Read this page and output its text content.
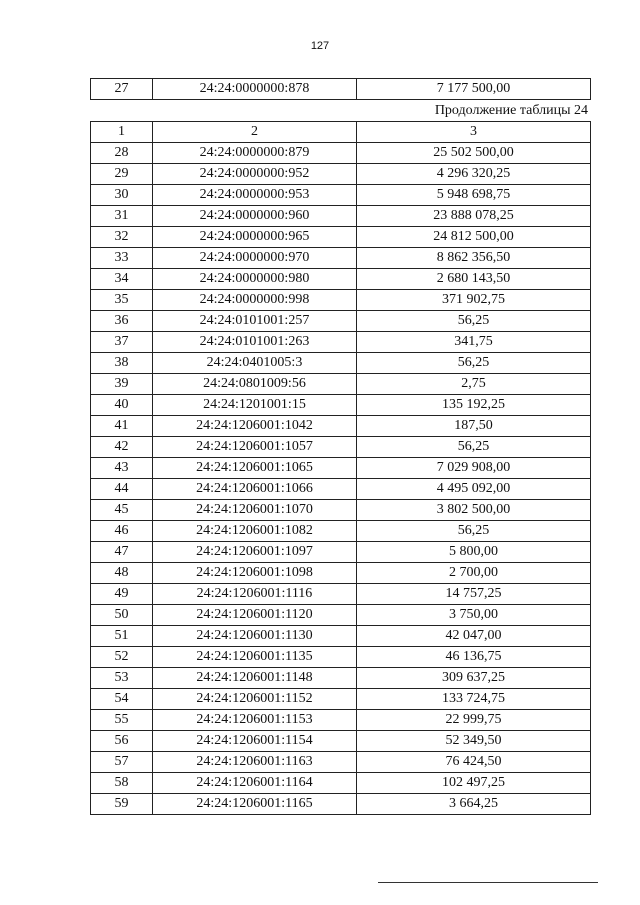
127
27	24:24:0000000:878	7 177 500,00
Продолжение таблицы 24
1	2	3
28	24:24:0000000:879	25 502 500,00
29	24:24:0000000:952	4 296 320,25
30	24:24:0000000:953	5 948 698,75
31	24:24:0000000:960	23 888 078,25
32	24:24:0000000:965	24 812 500,00
33	24:24:0000000:970	8 862 356,50
34	24:24:0000000:980	2 680 143,50
35	24:24:0000000:998	371 902,75
36	24:24:0101001:257	56,25
37	24:24:0101001:263	341,75
38	24:24:0401005:3	56,25
39	24:24:0801009:56	2,75
40	24:24:1201001:15	135 192,25
41	24:24:1206001:1042	187,50
42	24:24:1206001:1057	56,25
43	24:24:1206001:1065	7 029 908,00
44	24:24:1206001:1066	4 495 092,00
45	24:24:1206001:1070	3 802 500,00
46	24:24:1206001:1082	56,25
47	24:24:1206001:1097	5 800,00
48	24:24:1206001:1098	2 700,00
49	24:24:1206001:1116	14 757,25
50	24:24:1206001:1120	3 750,00
51	24:24:1206001:1130	42 047,00
52	24:24:1206001:1135	46 136,75
53	24:24:1206001:1148	309 637,25
54	24:24:1206001:1152	133 724,75
55	24:24:1206001:1153	22 999,75
56	24:24:1206001:1154	52 349,50
57	24:24:1206001:1163	76 424,50
58	24:24:1206001:1164	102 497,25
59	24:24:1206001:1165	3 664,25
